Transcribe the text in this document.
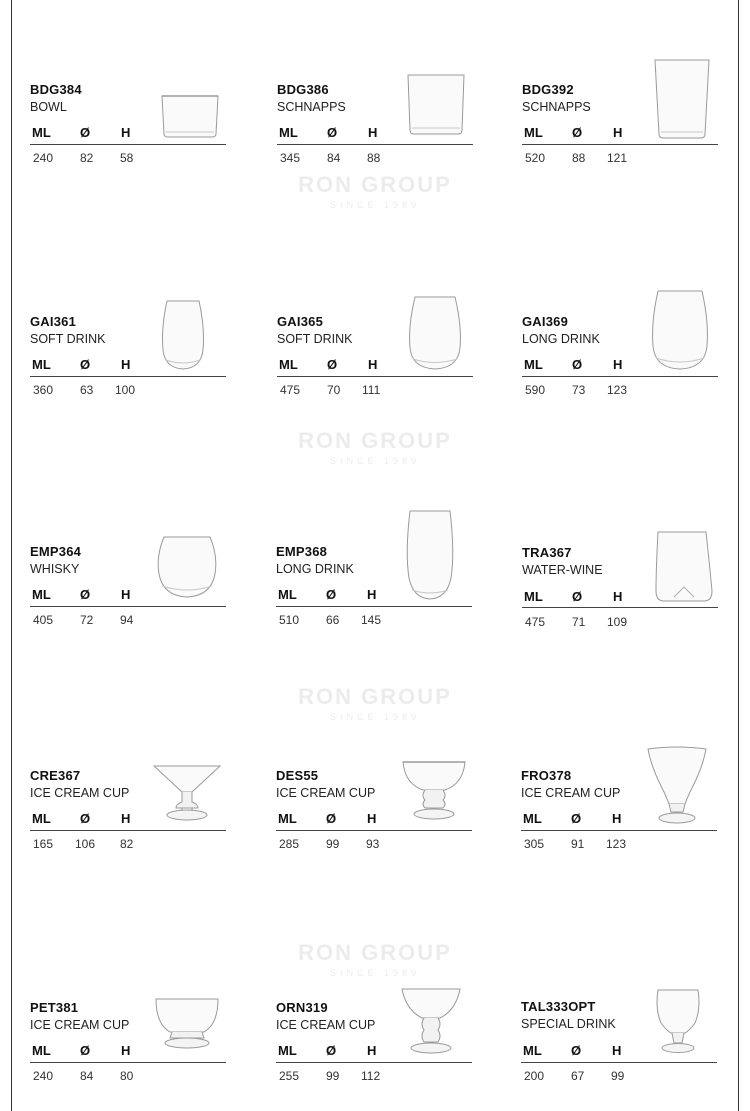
RON GROUP
SINCE 1989
RON GROUP
SINCE 1989
RON GROUP
SINCE 1989
RON GROUP
SINCE 1989
BDG384
BOWL
ML Ø H
240 82 58
BDG386
SCHNAPPS
ML Ø H
345 84 88
BDG392
SCHNAPPS
ML Ø H
520 88 121
GAI361
SOFT DRINK
ML Ø H
360 63 100
GAI365
SOFT DRINK
ML Ø H
475 70 111
GAI369
LONG DRINK
ML Ø H
590 73 123
EMP364
WHISKY
ML Ø H
405 72 94
EMP368
LONG DRINK
ML Ø H
510 66 145
TRA367
WATER-WINE
ML Ø H
475 71 109
CRE367
ICE CREAM CUP
ML Ø H
165 106 82
DES55
ICE CREAM CUP
ML Ø H
285 99 93
FRO378
ICE CREAM CUP
ML Ø H
305 91 123
PET381
ICE CREAM CUP
ML Ø H
240 84 80
ORN319
ICE CREAM CUP
ML Ø H
255 99 112
TAL333OPT
SPECIAL DRINK
ML Ø H
200 67 99
